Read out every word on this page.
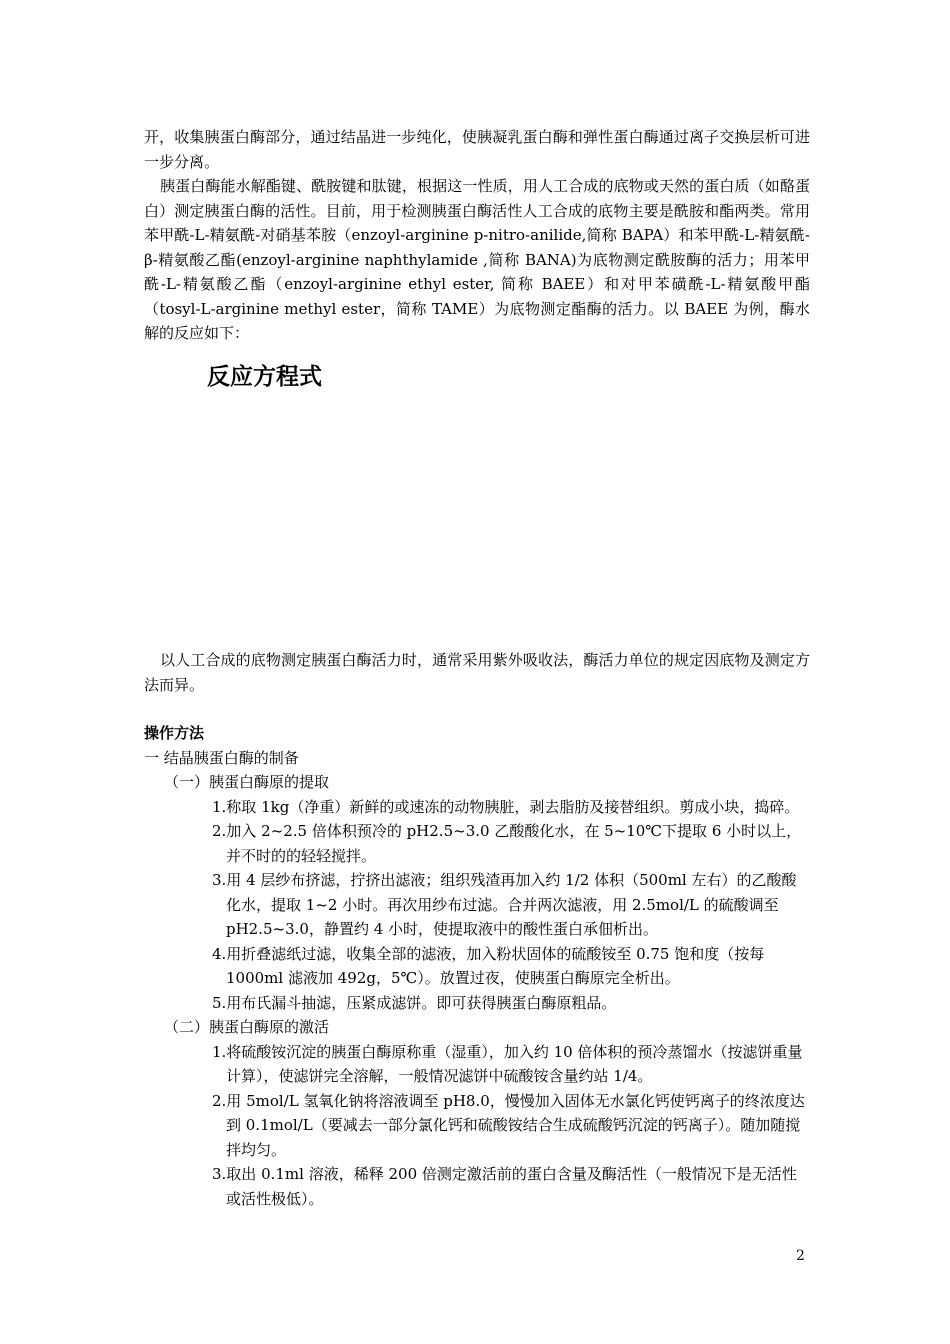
开，收集胰蛋白酶部分，通过结晶进一步纯化，使胰凝乳蛋白酶和弹性蛋白酶通过离子交换层析可进一步分离。

胰蛋白酶能水解酯键、酰胺键和肽键，根据这一性质，用人工合成的底物或天然的蛋白质（如酪蛋白）测定胰蛋白酶的活性。目前，用于检测胰蛋白酶活性人工合成的底物主要是酰胺和酯两类。常用苯甲酰-L-精氨酰-对硝基苯胺（enzoyl-arginine p-nitro-anilide,简称 BAPA）和苯甲酰-L-精氨酰-β-精氨酸乙酯(enzoyl-arginine naphthylamide ,简称 BANA)为底物测定酰胺酶的活力；用苯甲酰-L-精氨酸乙酯（enzoyl-arginine ethyl ester, 简称 BAEE）和对甲苯磺酰-L-精氨酸甲酯（tosyl-L-arginine methyl ester，简称 TAME）为底物测定酯酶的活力。以 BAEE 为例，酶水解的反应如下：

反应方程式

以人工合成的底物测定胰蛋白酶活力时，通常采用紫外吸收法，酶活力单位的规定因底物及测定方法而异。

操作方法

一 结晶胰蛋白酶的制备

（一）胰蛋白酶原的提取

1.称取 1kg（净重）新鲜的或速冻的动物胰脏，剥去脂肪及接替组织。剪成小块，捣碎。

2.加入 2~2.5 倍体积预冷的 pH2.5~3.0 乙酸酸化水，在 5~10℃下提取 6 小时以上，并不时的的轻轻搅拌。

3.用 4 层纱布挤滤，拧挤出滤液；组织残渣再加入约 1/2 体积（500ml 左右）的乙酸酸化水，提取 1~2 小时。再次用纱布过滤。合并两次滤液，用 2.5mol/L 的硫酸调至 pH2.5~3.0，静置约 4 小时，使提取液中的酸性蛋白承佃析出。

4.用折叠滤纸过滤，收集全部的滤液，加入粉状固体的硫酸铵至 0.75 饱和度（按每 1000ml 滤液加 492g，5℃）。放置过夜，使胰蛋白酶原完全析出。

5.用布氏漏斗抽滤，压紧成滤饼。即可获得胰蛋白酶原粗品。

（二）胰蛋白酶原的激活

1.将硫酸铵沉淀的胰蛋白酶原称重（湿重），加入约 10 倍体积的预冷蒸馏水（按滤饼重量计算），使滤饼完全溶解，一般情况滤饼中硫酸铵含量约站 1/4。

2.用 5mol/L 氢氧化钠将溶液调至 pH8.0，慢慢加入固体无水氯化钙使钙离子的终浓度达到 0.1mol/L（要减去一部分氯化钙和硫酸铵结合生成硫酸钙沉淀的钙离子）。随加随搅拌均匀。

3.取出 0.1ml 溶液，稀释 200 倍测定激活前的蛋白含量及酶活性（一般情况下是无活性或活性极低）。

2
